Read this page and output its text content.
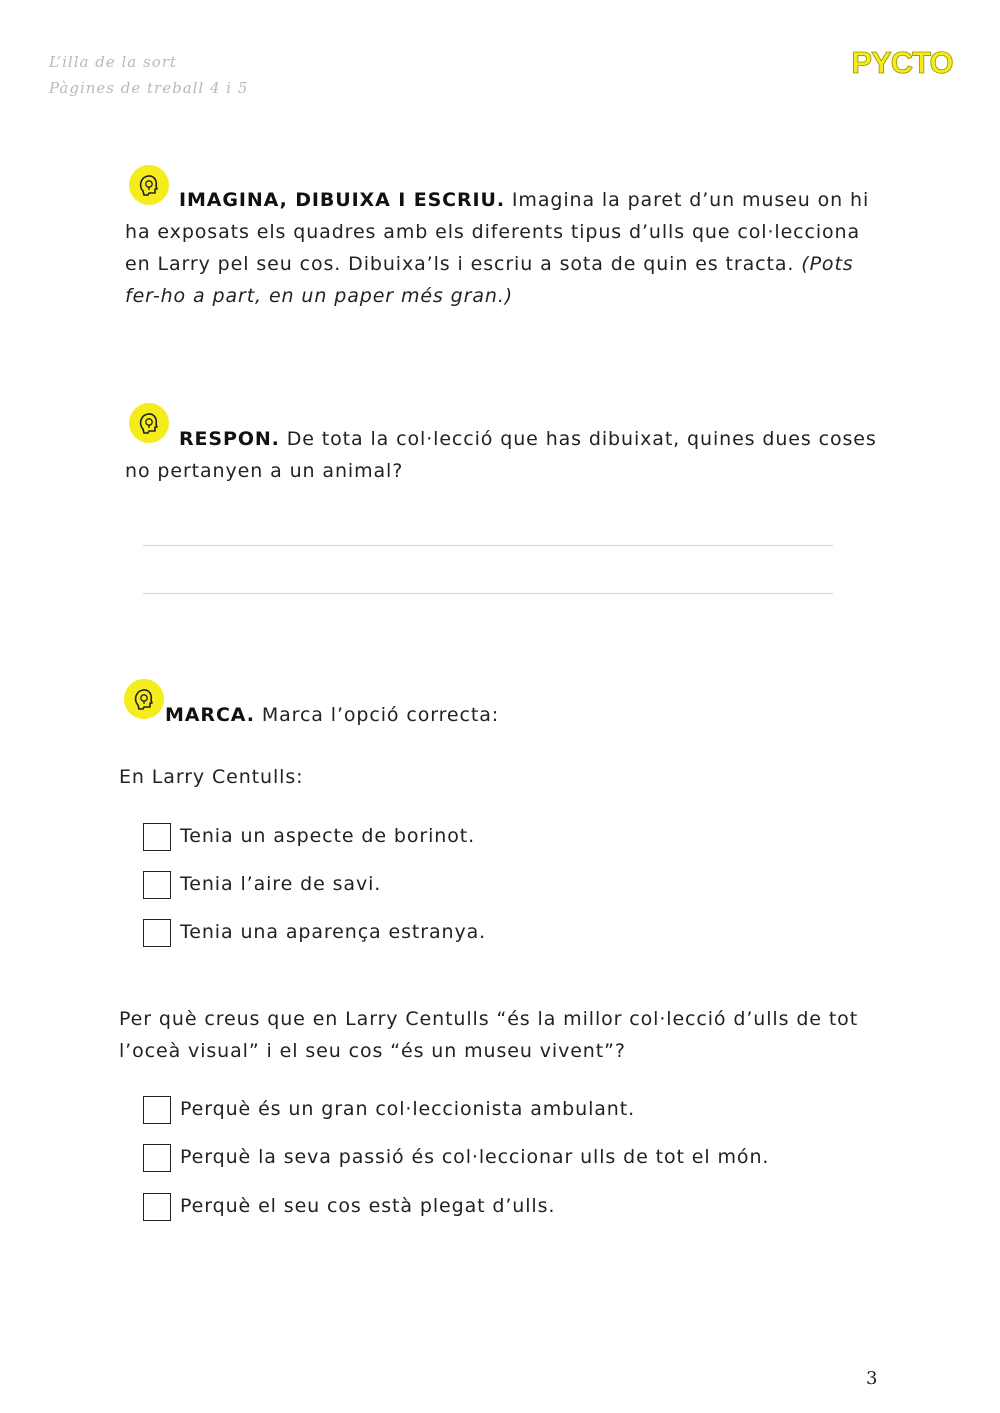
L’illa de la sort
Pàgines de treball 4 i 5
PYCTO
IMAGINA, DIBUIXA I ESCRIU. Imagina la paret d’un museu on hi ha exposats els quadres amb els diferents tipus d’ulls que col·lecciona en Larry pel seu cos. Dibuixa’ls i escriu a sota de quin es tracta. (Pots fer-ho a part, en un paper més gran.)
RESPON. De tota la col·lecció que has dibuixat, quines dues coses no pertanyen a un animal?
MARCA. Marca l’opció correcta:
En Larry Centulls:
Tenia un aspecte de borinot.
Tenia l’aire de savi.
Tenia una aparença estranya.
Per què creus que en Larry Centulls “és la millor col·lecció d’ulls de tot l’oceà visual” i el seu cos “és un museu vivent”?
Perquè és un gran col·leccionista ambulant.
Perquè la seva passió és col·leccionar ulls de tot el món.
Perquè el seu cos està plegat d’ulls.
3
